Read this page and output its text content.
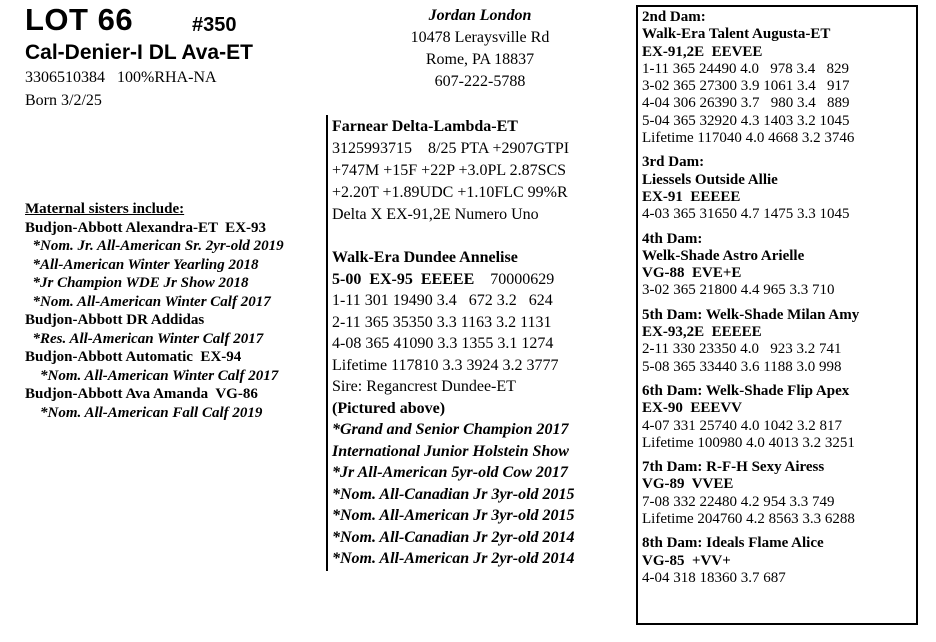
LOT 66	#350
Cal-Denier-I DL Ava-ET
3306510384   100%RHA-NA
Born 3/2/25
Maternal sisters include:
Budjon-Abbott Alexandra-ET  EX-93
*Nom. Jr. All-American Sr. 2yr-old 2019
*All-American Winter Yearling 2018
*Jr Champion WDE Jr Show 2018
*Nom. All-American Winter Calf 2017
Budjon-Abbott DR Addidas
*Res. All-American Winter Calf 2017
Budjon-Abbott Automatic  EX-94
*Nom. All-American Winter Calf 2017
Budjon-Abbott Ava Amanda  VG-86
*Nom. All-American Fall Calf 2019
Jordan London
10478 Leraysville Rd
Rome, PA 18837
607-222-5788
Farnear Delta-Lambda-ET
3125993715    8/25 PTA +2907GTPI
+747M +15F +22P +3.0PL 2.87SCS
+2.20T +1.89UDC +1.10FLC 99%R
Delta X EX-91,2E Numero Uno
Walk-Era Dundee Annelise
5-00  EX-95  EEEEE    70000629
1-11 301 19490 3.4   672 3.2   624
2-11 365 35350 3.3 1163 3.2 1131
4-08 365 41090 3.3 1355 3.1 1274
Lifetime 117810 3.3 3924 3.2 3777
Sire: Regancrest Dundee-ET
(Pictured above)
*Grand and Senior Champion 2017
International Junior Holstein Show
*Jr All-American 5yr-old Cow 2017
*Nom. All-Canadian Jr 3yr-old 2015
*Nom. All-American Jr 3yr-old 2015
*Nom. All-Canadian Jr 2yr-old 2014
*Nom. All-American Jr 2yr-old 2014
2nd Dam:
Walk-Era Talent Augusta-ET
EX-91,2E  EEVEE
1-11 365 24490 4.0   978 3.4   829
3-02 365 27300 3.9 1061 3.4   917
4-04 306 26390 3.7   980 3.4   889
5-04 365 32920 4.3 1403 3.2 1045
Lifetime 117040 4.0 4668 3.2 3746
3rd Dam:
Liessels Outside Allie
EX-91  EEEEE
4-03 365 31650 4.7 1475 3.3 1045
4th Dam:
Welk-Shade Astro Arielle
VG-88  EVE+E
3-02 365 21800 4.4 965 3.3 710
5th Dam: Welk-Shade Milan Amy
EX-93,2E  EEEEE
2-11 330 23350 4.0   923 3.2 741
5-08 365 33440 3.6 1188 3.0 998
6th Dam: Welk-Shade Flip Apex
EX-90  EEEVV
4-07 331 25740 4.0 1042 3.2 817
Lifetime 100980 4.0 4013 3.2 3251
7th Dam: R-F-H Sexy Airess
VG-89  VVEE
7-08 332 22480 4.2 954 3.3 749
Lifetime 204760 4.2 8563 3.3 6288
8th Dam: Ideals Flame Alice
VG-85  +VV+
4-04 318 18360 3.7 687
